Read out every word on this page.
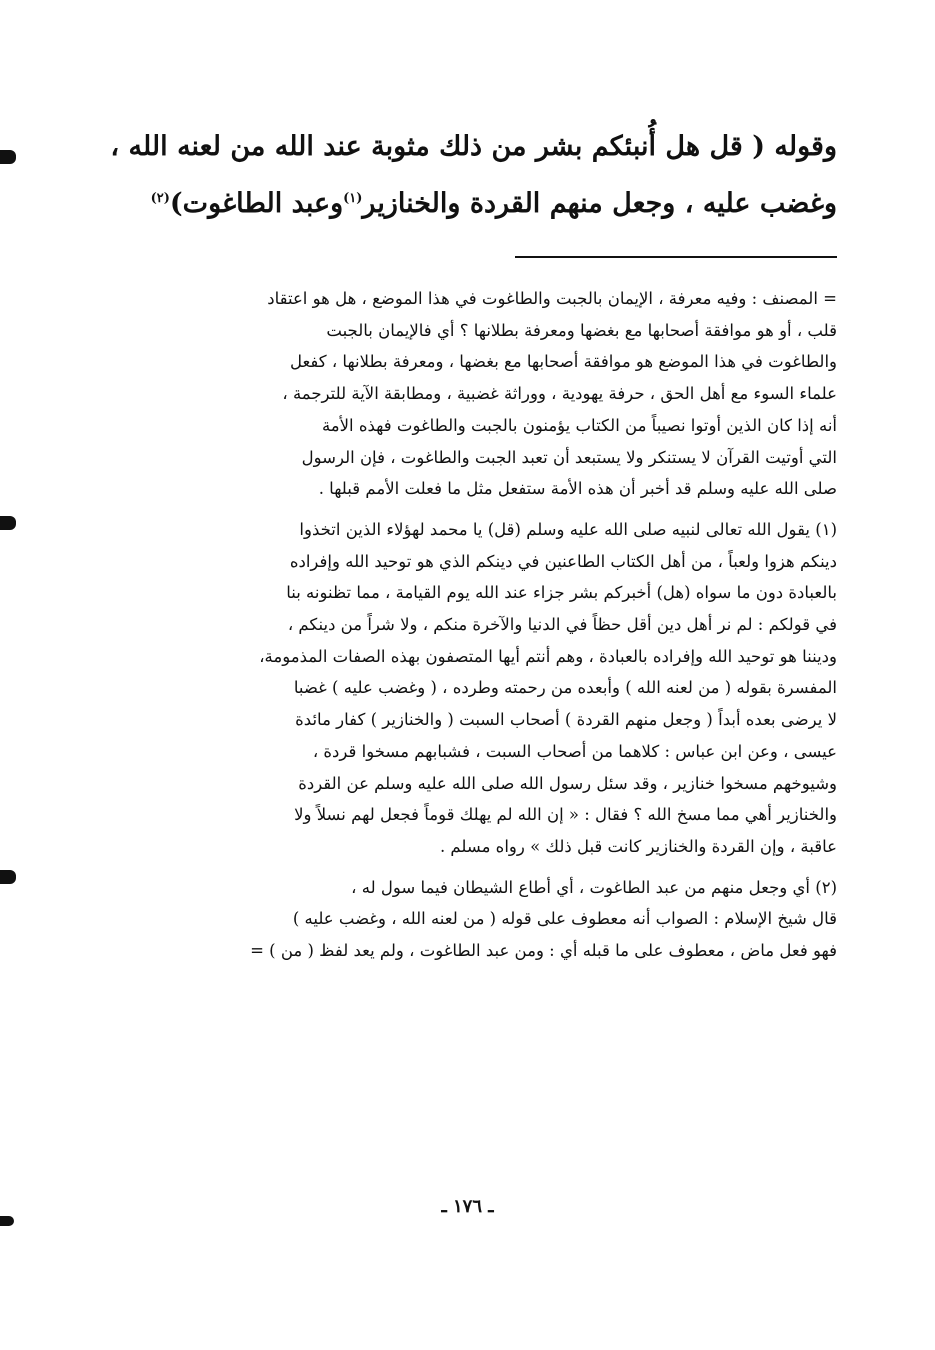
وقوله ( قل هل أُنبئكم بشر من ذلك مثوبة عند الله من لعنه الله ،
وغضب عليه ، وجعل منهم القردة والخنازير$^{(١)}$وعبد الطاغوت)$^{(٢)}$
= المصنف : وفيه معرفة ، الإيمان بالجبت والطاغوت في هذا الموضع ، هل هو اعتقاد
قلب ، أو هو موافقة أصحابها مع بغضها ومعرفة بطلانها ؟ أي فالإيمان بالجبت
والطاغوت في هذا الموضع هو موافقة أصحابها مع بغضها ، ومعرفة بطلانها ، كفعل
علماء السوء مع أهل الحق ، حرفة يهودية ، ووراثة غضبية ، ومطابقة الآية للترجمة ،
أنه إذا كان الذين أوتوا نصيباً من الكتاب يؤمنون بالجبت والطاغوت فهذه الأمة
التي أوتيت القرآن لا يستنكر ولا يستبعد أن تعبد الجبت والطاغوت ، فإن الرسول
صلى الله عليه وسلم قد أخبر أن هذه الأمة ستفعل مثل ما فعلت الأمم قبلها .
(١) يقول الله تعالى لنبيه صلى الله عليه وسلم (قل) يا محمد لهؤلاء الذين اتخذوا
دينكم هزوا ولعباً ، من أهل الكتاب الطاعنين في دينكم الذي هو توحيد الله وإفراده
بالعبادة دون ما سواه (هل) أخبركم بشر جزاء عند الله يوم القيامة ، مما تظنونه بنا
في قولكم : لم نر أهل دين أقل حظاً في الدنيا والآخرة منكم ، ولا شراً من دينكم ،
وديننا هو توحيد الله وإفراده بالعبادة ، وهم أنتم أيها المتصفون بهذه الصفات المذمومة،
المفسرة بقوله ( من لعنه الله ) وأبعده من رحمته وطرده ، ( وغضب عليه ) غضبا
لا يرضى بعده أبداً ( وجعل منهم القردة ) أصحاب السبت ( والخنازير ) كفار مائدة
عيسى ، وعن ابن عباس : كلاهما من أصحاب السبت ، فشبابهم مسخوا قردة ،
وشيوخهم مسخوا خنازير ، وقد سئل رسول الله صلى الله عليه وسلم عن القردة
والخنازير أهي مما مسخ الله ؟ فقال : « إن الله لم يهلك قوماً فجعل لهم نسلاً ولا
عاقبة ، وإن القردة والخنازير كانت قبل ذلك » رواه مسلم .
(٢) أي وجعل منهم من عبد الطاغوت ، أي أطاع الشيطان فيما سول له ،
قال شيخ الإسلام : الصواب أنه معطوف على قوله ( من لعنه الله ، وغضب عليه )
فهو فعل ماض ، معطوف على ما قبله أي : ومن عبد الطاغوت ، ولم يعد لفظ ( من ) =
ـ ١٧٦ ـ
